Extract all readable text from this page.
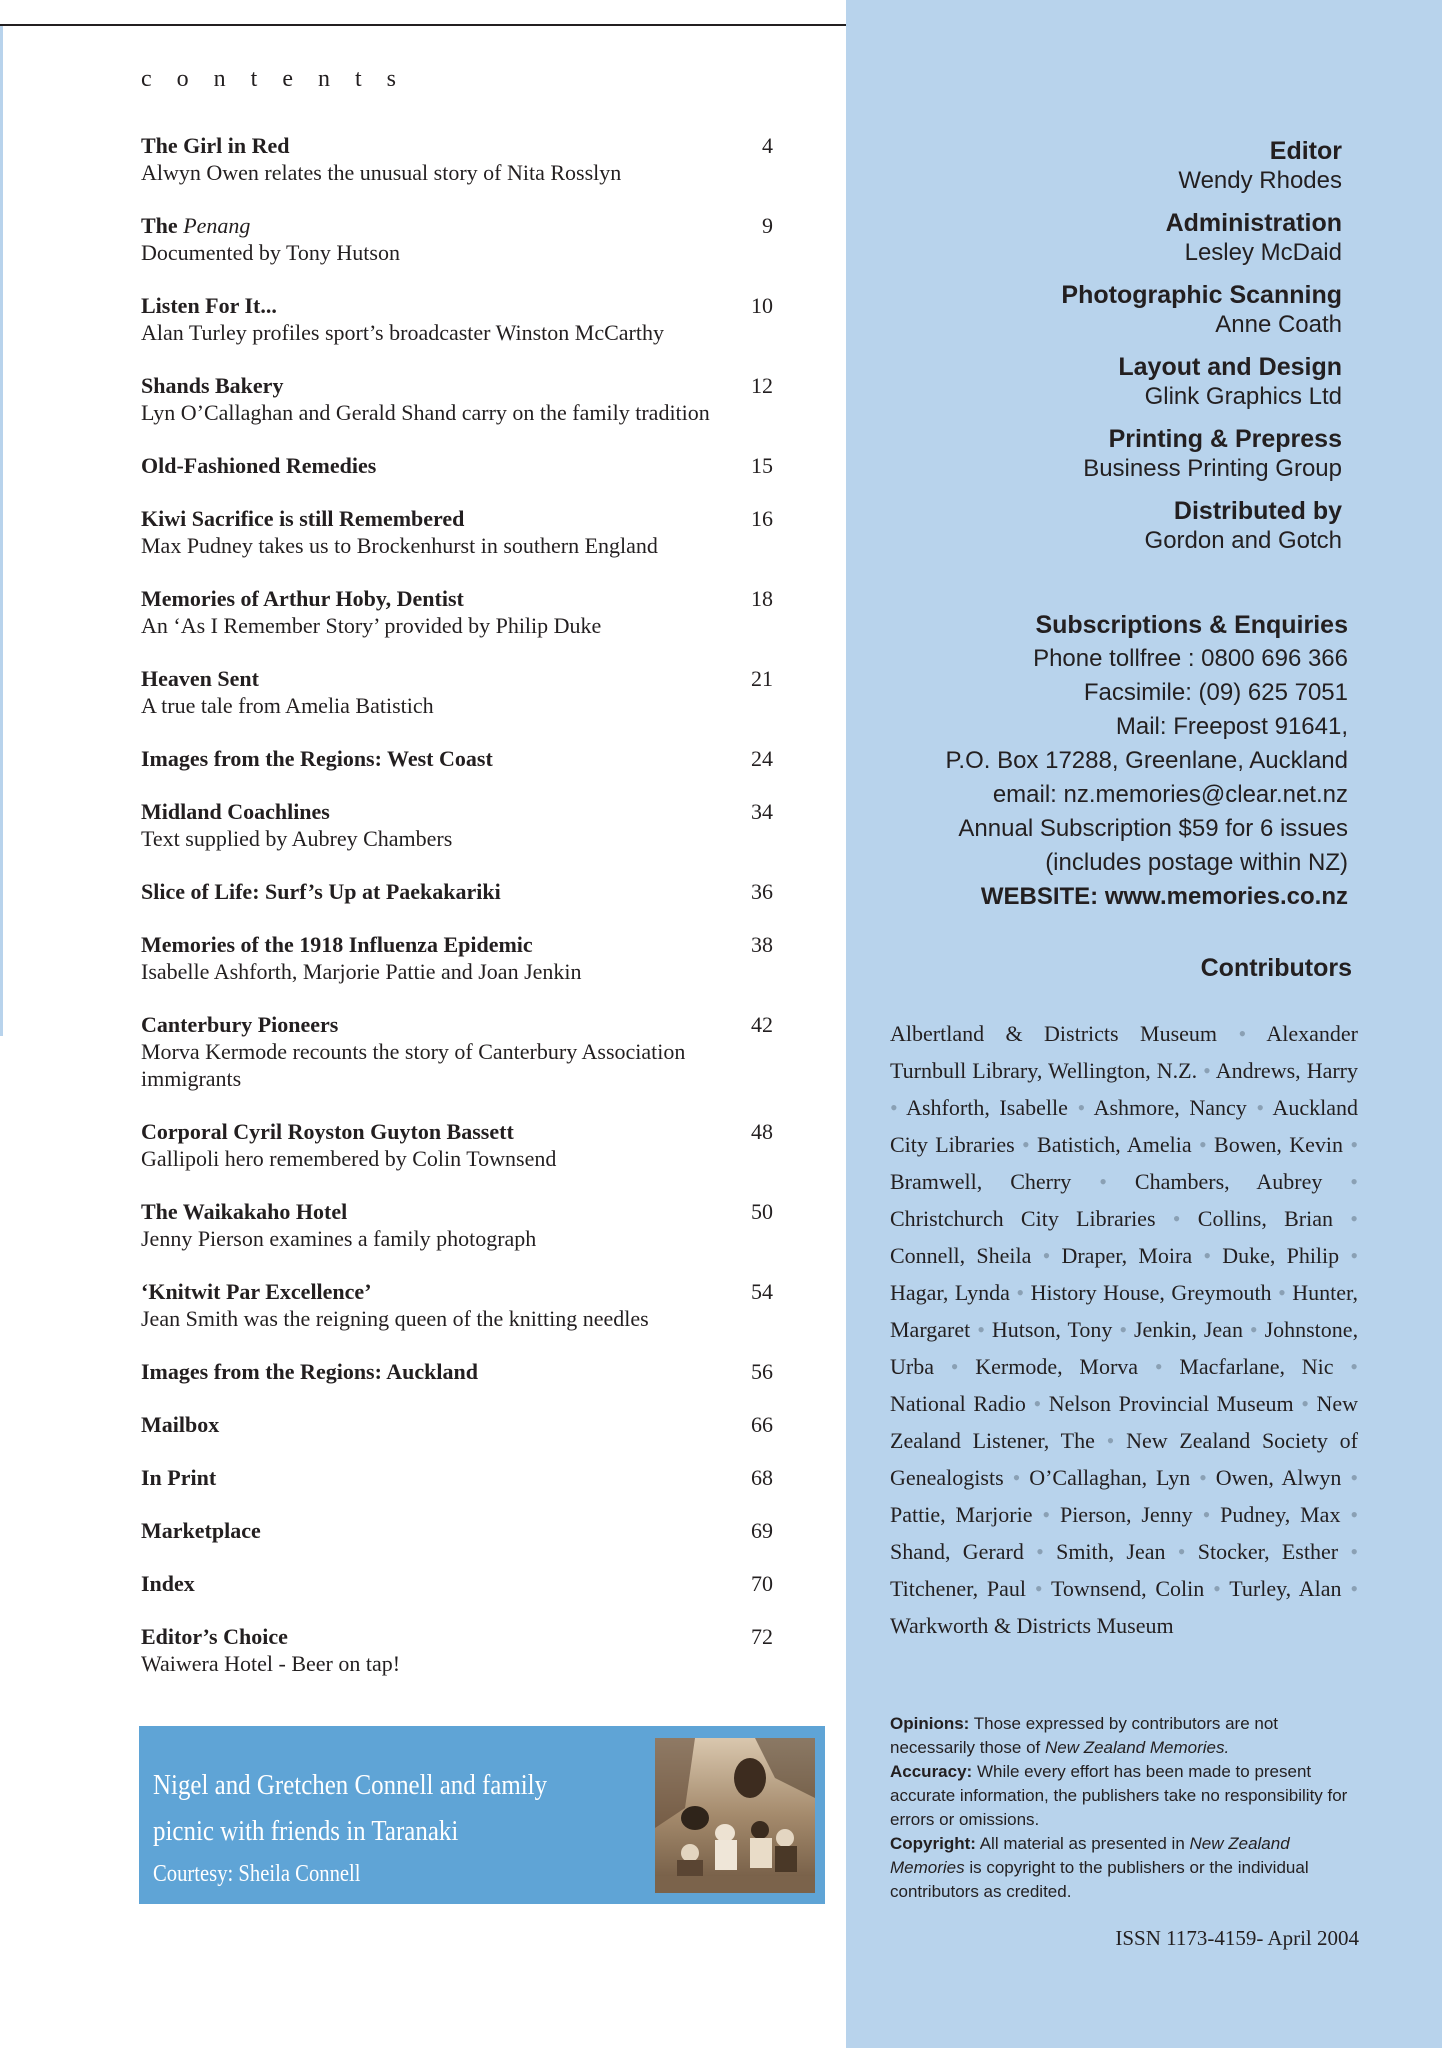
contents
The Girl in Red	4
Alwyn Owen relates the unusual story of Nita Rosslyn
The Penang	9
Documented by Tony Hutson
Listen For It...	10
Alan Turley profiles sport’s broadcaster Winston McCarthy
Shands Bakery	12
Lyn O’Callaghan and Gerald Shand carry on the family tradition
Old-Fashioned Remedies	15
Kiwi Sacrifice is still Remembered	16
Max Pudney takes us to Brockenhurst in southern England
Memories of Arthur Hoby, Dentist	18
An ‘As I Remember Story’ provided by Philip Duke
Heaven Sent	21
A true tale from Amelia Batistich
Images from the Regions: West Coast	24
Midland Coachlines	34
Text supplied by Aubrey Chambers
Slice of Life: Surf’s Up at Paekakariki	36
Memories of the 1918 Influenza Epidemic	38
Isabelle Ashforth, Marjorie Pattie and Joan Jenkin
Canterbury Pioneers	42
Morva Kermode recounts the story of Canterbury Association immigrants
Corporal Cyril Royston Guyton Bassett	48
Gallipoli hero remembered by Colin Townsend
The Waikakaho Hotel	50
Jenny Pierson examines a family photograph
‘Knitwit Par Excellence’	54
Jean Smith was the reigning queen of the knitting needles
Images from the Regions: Auckland	56
Mailbox	66
In Print	68
Marketplace	69
Index	70
Editor’s Choice	72
Waiwera Hotel - Beer on tap!
Nigel and Gretchen Connell and family
picnic with friends in Taranaki
Courtesy: Sheila Connell
Editor
Wendy Rhodes
Administration
Lesley McDaid
Photographic Scanning
Anne Coath
Layout and Design
Glink Graphics Ltd
Printing & Prepress
Business Printing Group
Distributed by
Gordon and Gotch
Subscriptions & Enquiries
Phone tollfree : 0800 696 366
Facsimile: (09) 625 7051
Mail: Freepost 91641,
P.O. Box 17288, Greenlane, Auckland
email: nz.memories@clear.net.nz
Annual Subscription $59 for 6 issues
(includes postage within NZ)
WEBSITE: www.memories.co.nz
Contributors
Albertland & Districts Museum • Alexander Turnbull Library, Wellington, N.Z. • Andrews, Harry • Ashforth, Isabelle • Ashmore, Nancy • Auckland City Libraries • Batistich, Amelia • Bowen, Kevin • Bramwell, Cherry • Chambers, Aubrey • Christchurch City Libraries • Collins, Brian • Connell, Sheila • Draper, Moira • Duke, Philip • Hagar, Lynda • History House, Greymouth • Hunter, Margaret • Hutson, Tony • Jenkin, Jean • Johnstone, Urba • Kermode, Morva • Macfarlane, Nic • National Radio • Nelson Provincial Museum • New Zealand Listener, The • New Zealand Society of Genealogists • O’Callaghan, Lyn • Owen, Alwyn • Pattie, Marjorie • Pierson, Jenny • Pudney, Max • Shand, Gerard • Smith, Jean • Stocker, Esther • Titchener, Paul • Townsend, Colin • Turley, Alan • Warkworth & Districts Museum
Opinions: Those expressed by contributors are not necessarily those of New Zealand Memories.
Accuracy: While every effort has been made to present accurate information, the publishers take no responsibility for errors or omissions.
Copyright: All material as presented in New Zealand Memories is copyright to the publishers or the individual contributors as credited.
ISSN 1173-4159- April 2004
